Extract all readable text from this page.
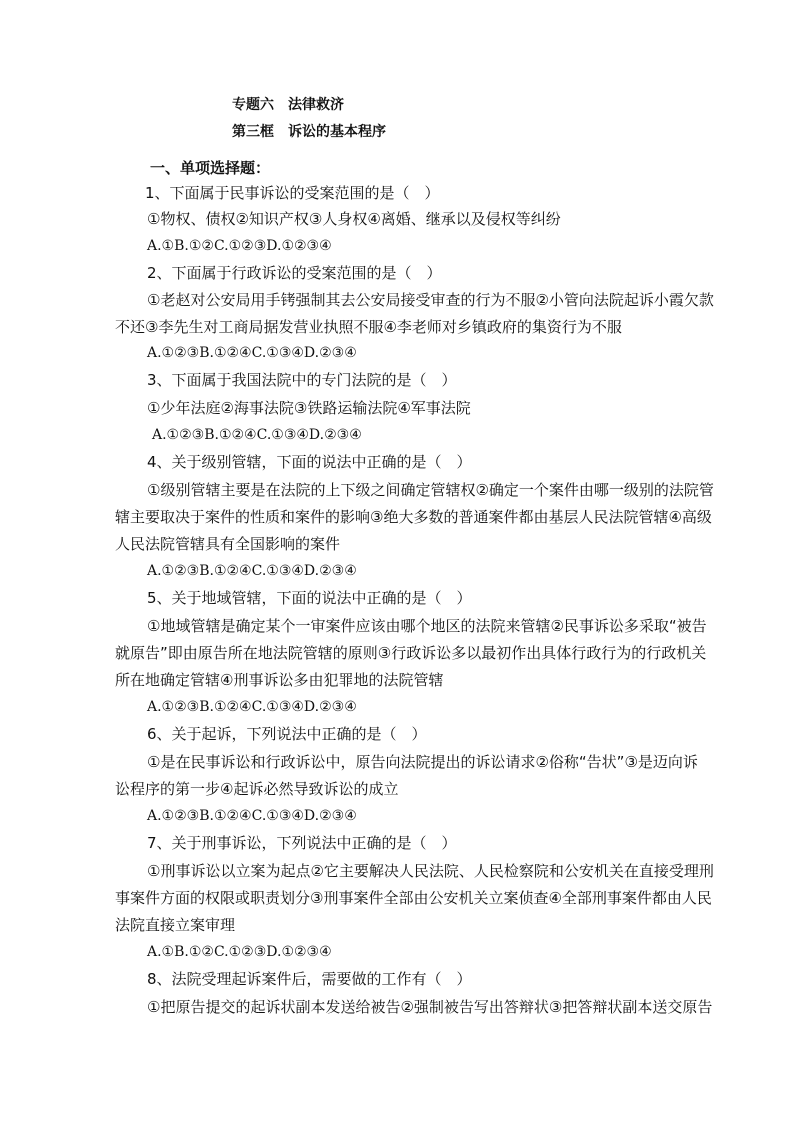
专题六　法律救济
第三框　诉讼的基本程序
一、单项选择题：
1、下面属于民事诉讼的受案范围的是（　）
①物权、债权②知识产权③人身权④离婚、继承以及侵权等纠纷
A.①B.①②C.①②③D.①②③④
2、下面属于行政诉讼的受案范围的是（　）
①老赵对公安局用手铐强制其去公安局接受审查的行为不服②小管向法院起诉小霞欠款
不还③李先生对工商局据发营业执照不服④李老师对乡镇政府的集资行为不服
A.①②③B.①②④C.①③④D.②③④
3、下面属于我国法院中的专门法院的是（　）
①少年法庭②海事法院③铁路运输法院④军事法院
A.①②③B.①②④C.①③④D.②③④
4、关于级别管辖，下面的说法中正确的是（　）
①级别管辖主要是在法院的上下级之间确定管辖权②确定一个案件由哪一级别的法院管
辖主要取决于案件的性质和案件的影响③绝大多数的普通案件都由基层人民法院管辖④高级
人民法院管辖具有全国影响的案件
A.①②③B.①②④C.①③④D.②③④
5、关于地域管辖，下面的说法中正确的是（　）
①地域管辖是确定某个一审案件应该由哪个地区的法院来管辖②民事诉讼多采取“被告
就原告”即由原告所在地法院管辖的原则③行政诉讼多以最初作出具体行政行为的行政机关
所在地确定管辖④刑事诉讼多由犯罪地的法院管辖
A.①②③B.①②④C.①③④D.②③④
6、关于起诉，下列说法中正确的是（　）
①是在民事诉讼和行政诉讼中，原告向法院提出的诉讼请求②俗称“告状”③是迈向诉
讼程序的第一步④起诉必然导致诉讼的成立
A.①②③B.①②④C.①③④D.②③④
7、关于刑事诉讼，下列说法中正确的是（　）
①刑事诉讼以立案为起点②它主要解决人民法院、人民检察院和公安机关在直接受理刑
事案件方面的权限或职责划分③刑事案件全部由公安机关立案侦查④全部刑事案件都由人民
法院直接立案审理
A.①B.①②C.①②③D.①②③④
8、法院受理起诉案件后，需要做的工作有（　）
①把原告提交的起诉状副本发送给被告②强制被告写出答辩状③把答辩状副本送交原告
